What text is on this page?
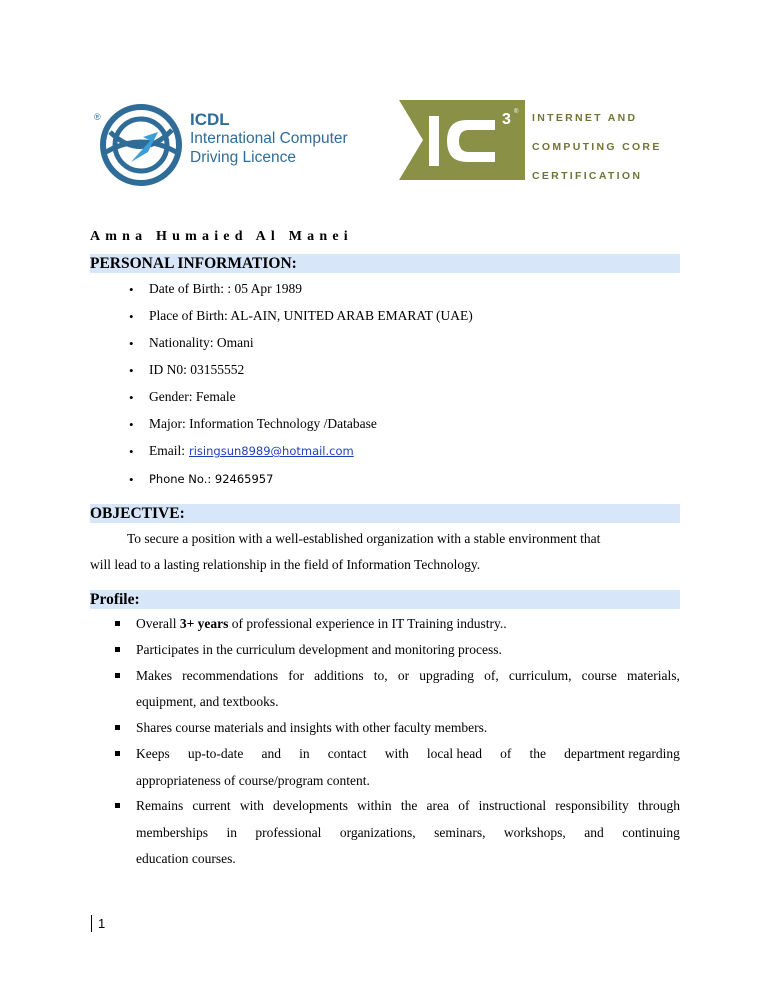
®	ICDL
International Computer
Driving Licence
3 ® INTERNET AND
COMPUTING CORE
CERTIFICATION
Amna Humaied Al Manei
PERSONAL INFORMATION:
• Date of Birth: : 05 Apr 1989
• Place of Birth: AL-AIN, UNITED ARAB EMARAT (UAE)
• Nationality: Omani
• ID N0: 03155552
• Gender: Female
• Major: Information Technology /Database
• Email: risingsun8989@hotmail.com
• Phone No.: 92465957
OBJECTIVE:
To secure a position with a well-established organization with a stable environment that
will lead to a lasting relationship in the field of Information Technology.
Profile:
Overall 3+ years of professional experience in IT Training industry..
Participates in the curriculum development and monitoring process.
Makes recommendations for additions to, or upgrading of, curriculum, course materials,
equipment, and textbooks.
Shares course materials and insights with other faculty members.
Keeps up-to-date and in contact with local head of the department regarding
appropriateness of course/program content.
Remains current with developments within the area of instructional responsibility through
memberships in professional organizations, seminars, workshops, and continuing
education courses.
1
